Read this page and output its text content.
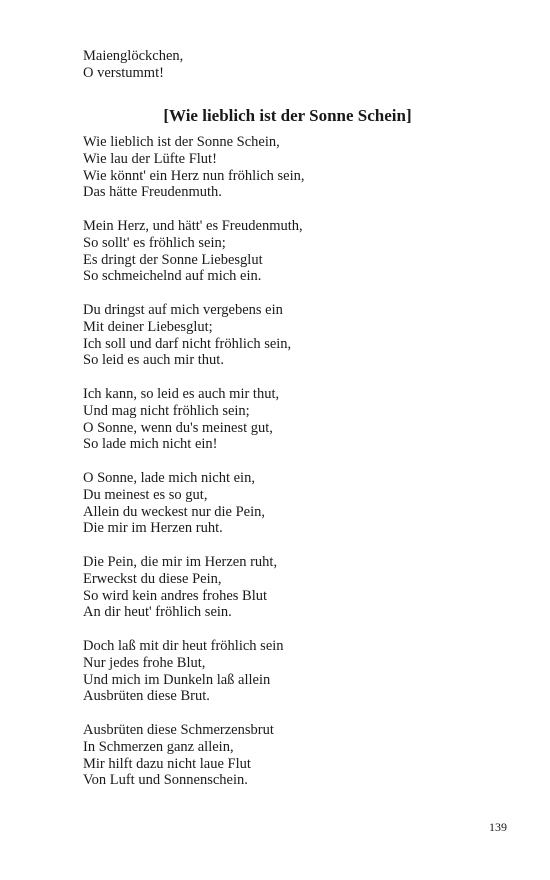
Maienglöckchen,
O verstummt!
[Wie lieblich ist der Sonne Schein]
Wie lieblich ist der Sonne Schein,
Wie lau der Lüfte Flut!
Wie könnt' ein Herz nun fröhlich sein,
Das hätte Freudenmuth.
Mein Herz, und hätt' es Freudenmuth,
So sollt' es fröhlich sein;
Es dringt der Sonne Liebesglut
So schmeichelnd auf mich ein.
Du dringst auf mich vergebens ein
Mit deiner Liebesglut;
Ich soll und darf nicht fröhlich sein,
So leid es auch mir thut.
Ich kann, so leid es auch mir thut,
Und mag nicht fröhlich sein;
O Sonne, wenn du's meinest gut,
So lade mich nicht ein!
O Sonne, lade mich nicht ein,
Du meinest es so gut,
Allein du weckest nur die Pein,
Die mir im Herzen ruht.
Die Pein, die mir im Herzen ruht,
Erweckst du diese Pein,
So wird kein andres frohes Blut
An dir heut' fröhlich sein.
Doch laß mit dir heut fröhlich sein
Nur jedes frohe Blut,
Und mich im Dunkeln laß allein
Ausbrüten diese Brut.
Ausbrüten diese Schmerzensbrut
In Schmerzen ganz allein,
Mir hilft dazu nicht laue Flut
Von Luft und Sonnenschein.
139
